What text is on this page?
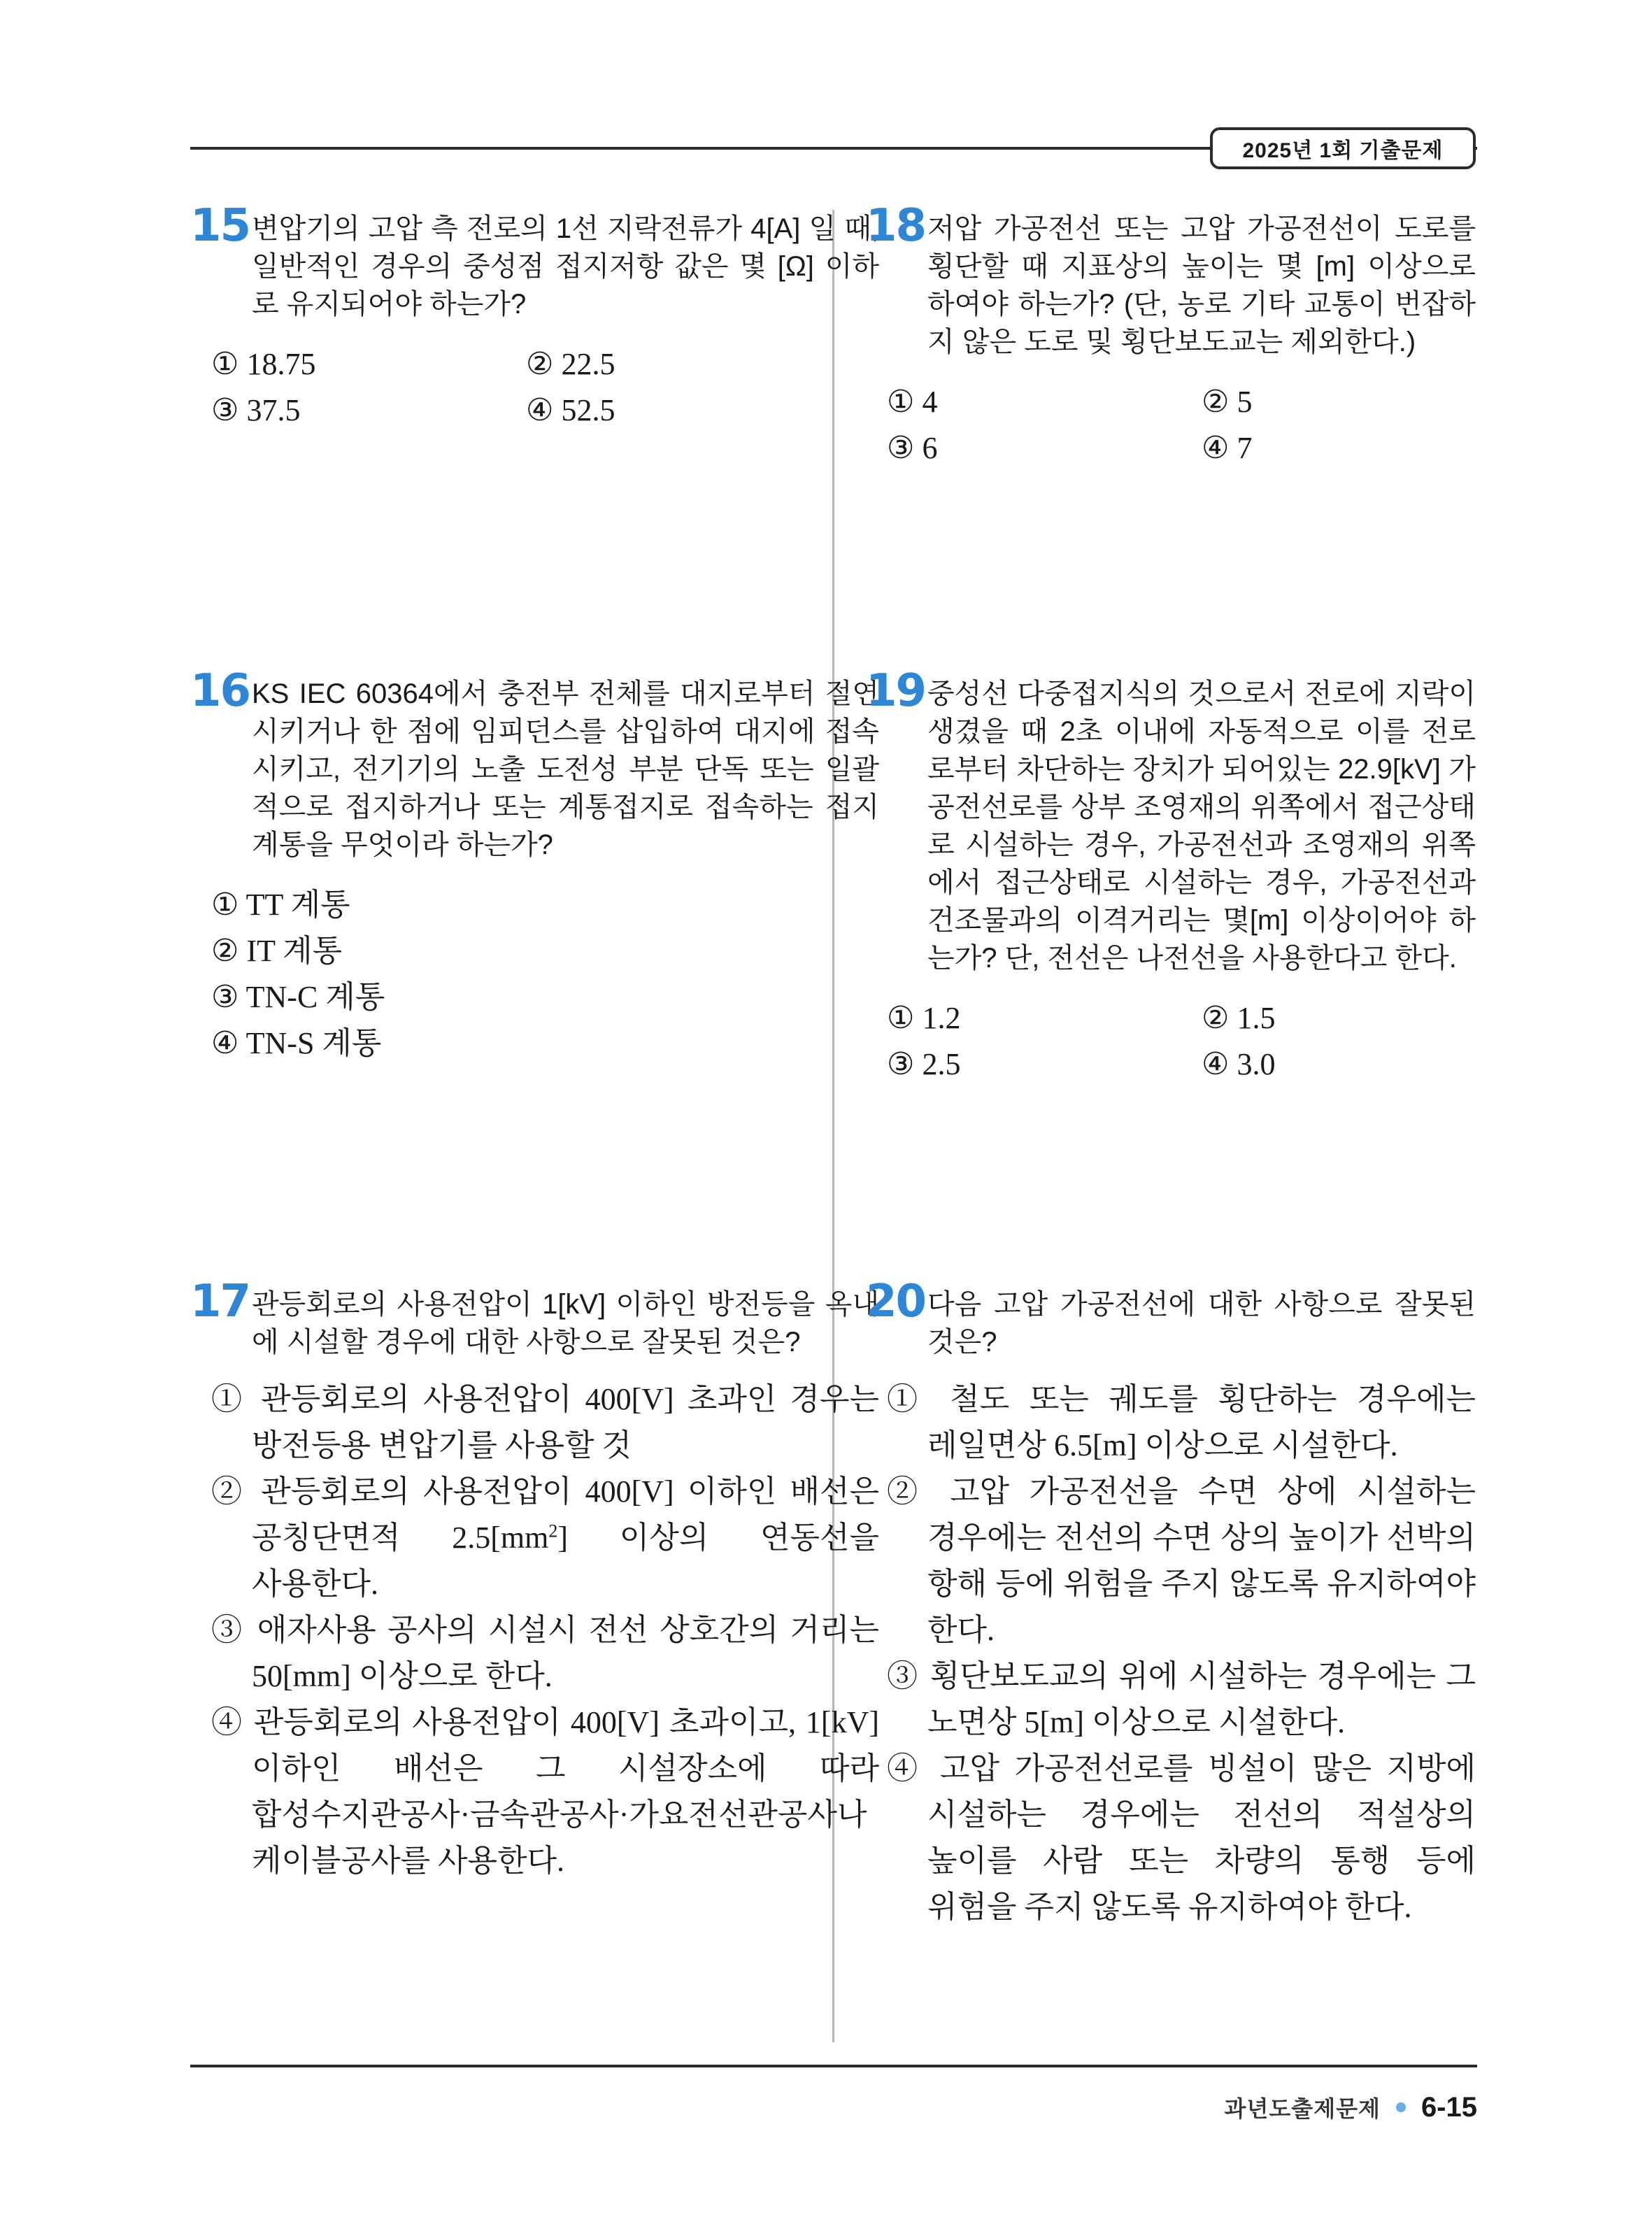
2025년 1회 기출문제
15 변압기의 고압 측 전로의 1선 지락전류가 4[A] 일 때, 일반적인 경우의 중성점 접지저항 값은 몇 [Ω] 이하로 유지되어야 하는가?
① 18.75	② 22.5
③ 37.5	④ 52.5
16 KS IEC 60364에서 충전부 전체를 대지로부터 절연시키거나 한 점에 임피던스를 삽입하여 대지에 접속시키고, 전기기의 노출 도전성 부분 단독 또는 일괄적으로 접지하거나 또는 계통접지로 접속하는 접지계통을 무엇이라 하는가?
① TT 계통
② IT 계통
③ TN-C 계통
④ TN-S 계통
17 관등회로의 사용전압이 1[kV] 이하인 방전등을 옥내에 시설할 경우에 대한 사항으로 잘못된 것은?
① 관등회로의 사용전압이 400[V] 초과인 경우는 방전등용 변압기를 사용할 것
② 관등회로의 사용전압이 400[V] 이하인 배선은 공칭단면적 $2.5[mm^2]$ 이상의 연동선을 사용한다.
③ 애자사용 공사의 시설시 전선 상호간의 거리는 50[mm] 이상으로 한다.
④ 관등회로의 사용전압이 400[V] 초과이고, 1[kV] 이하인 배선은 그 시설장소에 따라 합성수지관공사·금속관공사·가요전선관공사나 케이블공사를 사용한다.
18 저압 가공전선 또는 고압 가공전선이 도로를 횡단할 때 지표상의 높이는 몇 [m] 이상으로 하여야 하는가? (단, 농로 기타 교통이 번잡하지 않은 도로 및 횡단보도교는 제외한다.)
① 4	② 5
③ 6	④ 7
19 중성선 다중접지식의 것으로서 전로에 지락이 생겼을 때 2초 이내에 자동적으로 이를 전로로부터 차단하는 장치가 되어있는 22.9[kV] 가공전선로를 상부 조영재의 위쪽에서 접근상태로 시설하는 경우, 가공전선과 조영재의 위쪽에서 접근상태로 시설하는 경우, 가공전선과 건조물과의 이격거리는 몇[m] 이상이어야 하는가? 단, 전선은 나전선을 사용한다고 한다.
① 1.2	② 1.5
③ 2.5	④ 3.0
20 다음 고압 가공전선에 대한 사항으로 잘못된 것은?
① 철도 또는 궤도를 횡단하는 경우에는 레일면상 6.5[m] 이상으로 시설한다.
② 고압 가공전선을 수면 상에 시설하는 경우에는 전선의 수면 상의 높이가 선박의 항해 등에 위험을 주지 않도록 유지하여야 한다.
③ 횡단보도교의 위에 시설하는 경우에는 그 노면상 5[m] 이상으로 시설한다.
④ 고압 가공전선로를 빙설이 많은 지방에 시설하는 경우에는 전선의 적설상의 높이를 사람 또는 차량의 통행 등에 위험을 주지 않도록 유지하여야 한다.
과년도출제문제 6-15
